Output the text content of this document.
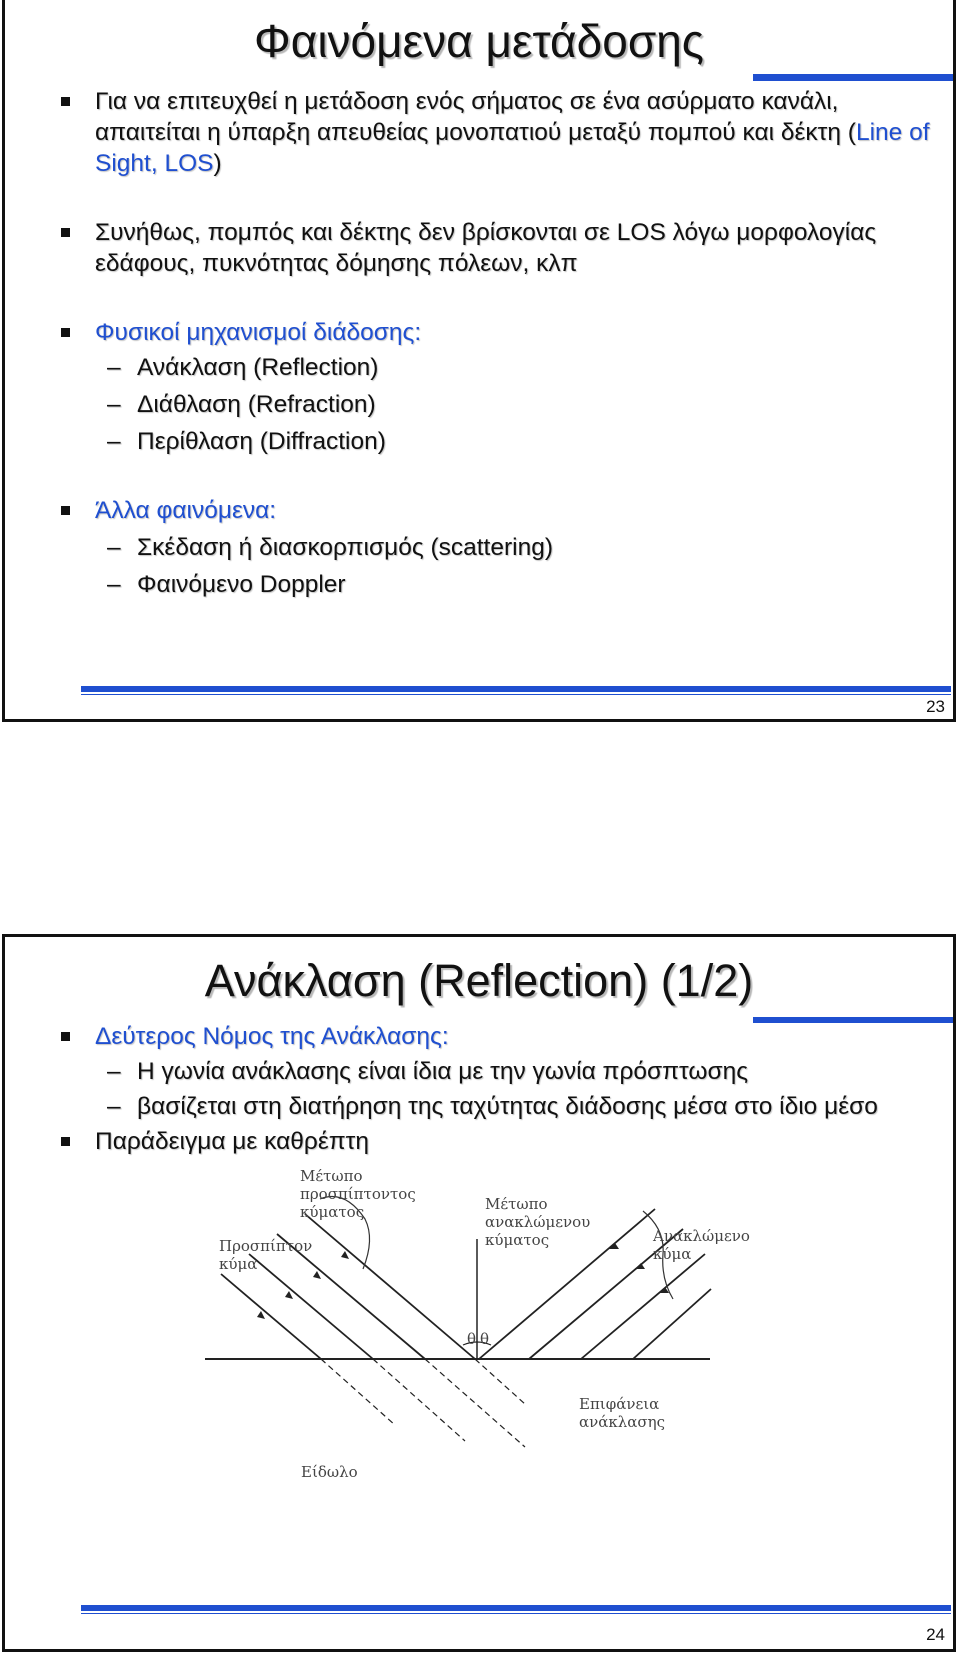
Φαινόμενα μετάδοσης
Για να επιτευχθεί η μετάδοση ενός σήματος σε ένα ασύρματο κανάλι, απαιτείται η ύπαρξη απευθείας μονοπατιού μεταξύ πομπού και δέκτη (Line of Sight, LOS)
Συνήθως, πομπός και δέκτης δεν βρίσκονται σε LOS λόγω μορφολογίας εδάφους, πυκνότητας δόμησης πόλεων, κλπ
Φυσικοί μηχανισμοί διάδοσης:
– Ανάκλαση (Reflection)
– Διάθλαση (Refraction)
– Περίθλαση (Diffraction)
Άλλα φαινόμενα:
– Σκέδαση ή διασκορπισμός (scattering)
– Φαινόμενο Doppler
23
Ανάκλαση (Reflection) (1/2)
Δεύτερος Νόμος της Ανάκλασης:
– Η γωνία ανάκλασης είναι ίδια με την γωνία πρόσπτωσης
– βασίζεται στη διατήρηση της ταχύτητας διάδοσης μέσα στο ίδιο μέσο
Παράδειγμα με καθρέπτη
θ θ
Μέτωπο
προσπίπτοντος
κύματος	Μέτωπο
ανακλώμενου
κύματος
Προσπίπτον
κύμα
Ανακλώμενο
κύμα
Επιφάνεια
ανάκλασης
Είδωλο
24
